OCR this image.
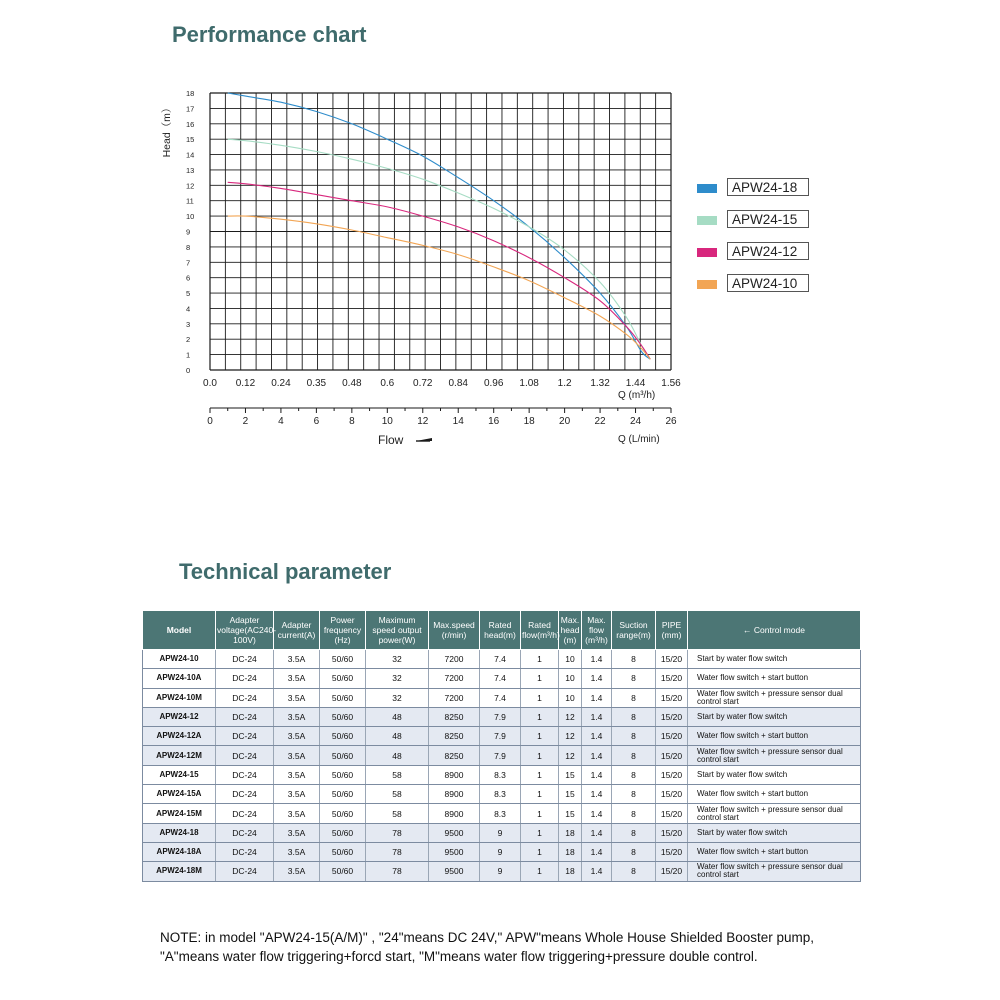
Performance chart
0
1
2
3
4
5
6
7
8
9
10
11
12
13
14
15
16
17
18
0.0 0.12 0.24 0.35 0.48 0.6 0.72 0.84 0.96 1.08 1.2 1.32 1.44 1.56
Head（m）
Q (m³/h)
0	2	4	6	8	10 12 14 16 18 20 22 24 26
Q (L/min)
Flow
APW24-18
APW24-15
APW24-12
APW24-10
Technical parameter
Model	Adapter voltage(AC240-100V)	Adapter current(A)	Power frequency (Hz)	Maximum speed output power(W)	Max.speed (r/min)	Rated head(m)	Rated flow(m³/h)	Max. head (m)	Max. flow (m³/h)	Suction range(m)	PIPE (mm)	← Control mode
APW24-10	DC-24	3.5A	50/60	32	7200	7.4	1	10	1.4	8	15/20	Start by water flow switch
APW24-10A	DC-24	3.5A	50/60	32	7200	7.4	1	10	1.4	8	15/20	Water flow switch + start button
APW24-10M	DC-24	3.5A	50/60	32	7200	7.4	1	10	1.4	8	15/20	Water flow switch + pressure sensor dual control start
APW24-12	DC-24	3.5A	50/60	48	8250	7.9	1	12	1.4	8	15/20	Start by water flow switch
APW24-12A	DC-24	3.5A	50/60	48	8250	7.9	1	12	1.4	8	15/20	Water flow switch + start button
APW24-12M	DC-24	3.5A	50/60	48	8250	7.9	1	12	1.4	8	15/20	Water flow switch + pressure sensor dual control start
APW24-15	DC-24	3.5A	50/60	58	8900	8.3	1	15	1.4	8	15/20	Start by water flow switch
APW24-15A	DC-24	3.5A	50/60	58	8900	8.3	1	15	1.4	8	15/20	Water flow switch + start button
APW24-15M	DC-24	3.5A	50/60	58	8900	8.3	1	15	1.4	8	15/20	Water flow switch + pressure sensor dual control start
APW24-18	DC-24	3.5A	50/60	78	9500	9	1	18	1.4	8	15/20	Start by water flow switch
APW24-18A	DC-24	3.5A	50/60	78	9500	9	1	18	1.4	8	15/20	Water flow switch + start button
APW24-18M	DC-24	3.5A	50/60	78	9500	9	1	18	1.4	8	15/20	Water flow switch + pressure sensor dual control start

NOTE: in model "APW24-15(A/M)" , "24"means DC 24V," APW"means Whole House Shielded Booster pump,

"A"means water flow triggering+forcd start, "M"means water flow triggering+pressure double control.
